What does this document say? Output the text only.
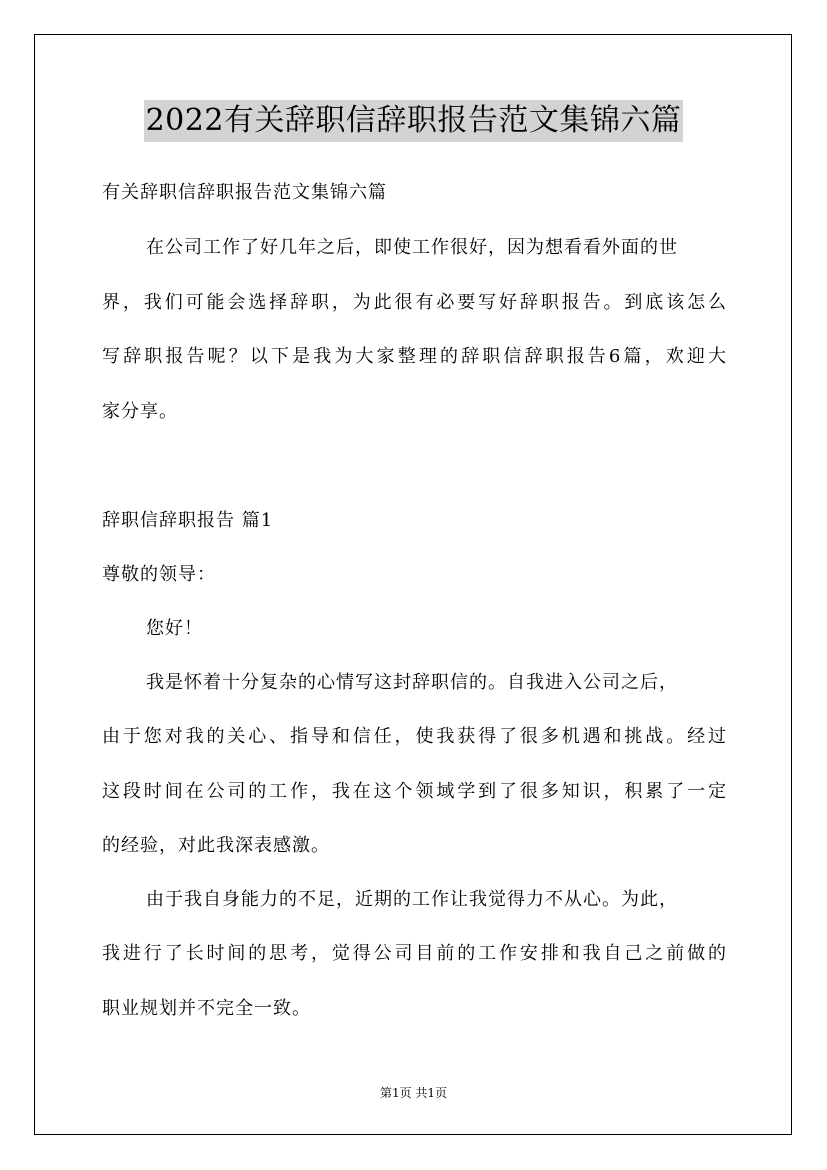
2022有关辞职信辞职报告范文集锦六篇
有关辞职信辞职报告范文集锦六篇
在公司工作了好几年之后，即使工作很好，因为想看看外面的世
界，我们可能会选择辞职，为此很有必要写好辞职报告。到底该怎么
写辞职报告呢？以下是我为大家整理的辞职信辞职报告6篇，欢迎大
家分享。
辞职信辞职报告 篇1
尊敬的领导：
您好！
我是怀着十分复杂的心情写这封辞职信的。自我进入公司之后，
由于您对我的关心、指导和信任，使我获得了很多机遇和挑战。经过
这段时间在公司的工作，我在这个领域学到了很多知识，积累了一定
的经验，对此我深表感激。
由于我自身能力的不足，近期的工作让我觉得力不从心。为此，
我进行了长时间的思考，觉得公司目前的工作安排和我自己之前做的
职业规划并不完全一致。
第1页 共1页
